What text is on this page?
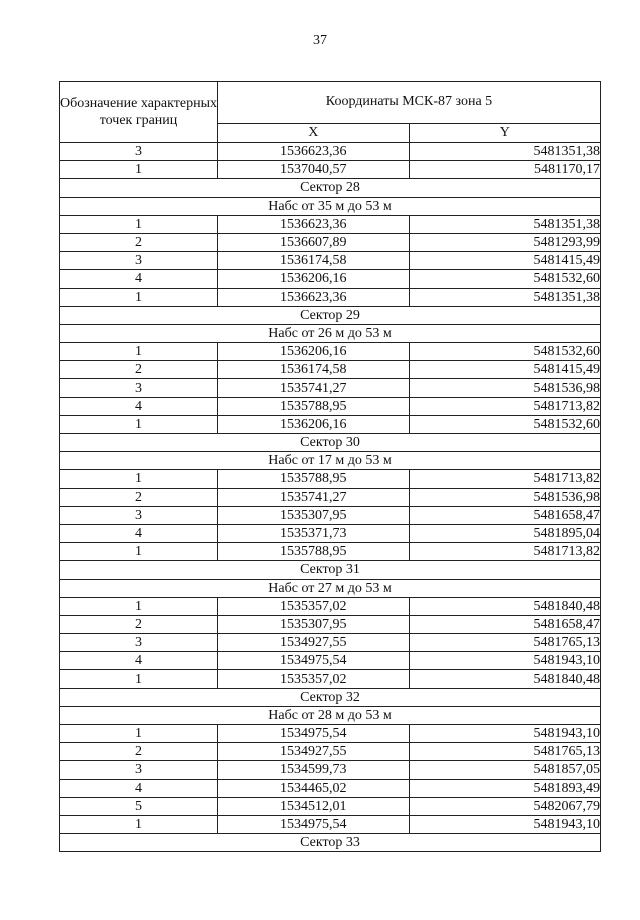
37
Обозначение характерных точек границ	Координаты МСК-87 зона 5	
	X	Y
3	1536623,36	5481351,38
1	1537040,57	5481170,17
Сектор 28		
Набс от 35 м до 53 м		
1	1536623,36	5481351,38
2	1536607,89	5481293,99
3	1536174,58	5481415,49
4	1536206,16	5481532,60
1	1536623,36	5481351,38
Сектор 29		
Набс от 26 м до 53 м		
1	1536206,16	5481532,60
2	1536174,58	5481415,49
3	1535741,27	5481536,98
4	1535788,95	5481713,82
1	1536206,16	5481532,60
Сектор 30		
Набс от 17 м до 53 м		
1	1535788,95	5481713,82
2	1535741,27	5481536,98
3	1535307,95	5481658,47
4	1535371,73	5481895,04
1	1535788,95	5481713,82
Сектор 31		
Набс от 27 м до 53 м		
1	1535357,02	5481840,48
2	1535307,95	5481658,47
3	1534927,55	5481765,13
4	1534975,54	5481943,10
1	1535357,02	5481840,48
Сектор 32		
Набс от 28 м до 53 м		
1	1534975,54	5481943,10
2	1534927,55	5481765,13
3	1534599,73	5481857,05
4	1534465,02	5481893,49
5	1534512,01	5482067,79
1	1534975,54	5481943,10
Сектор 33		
